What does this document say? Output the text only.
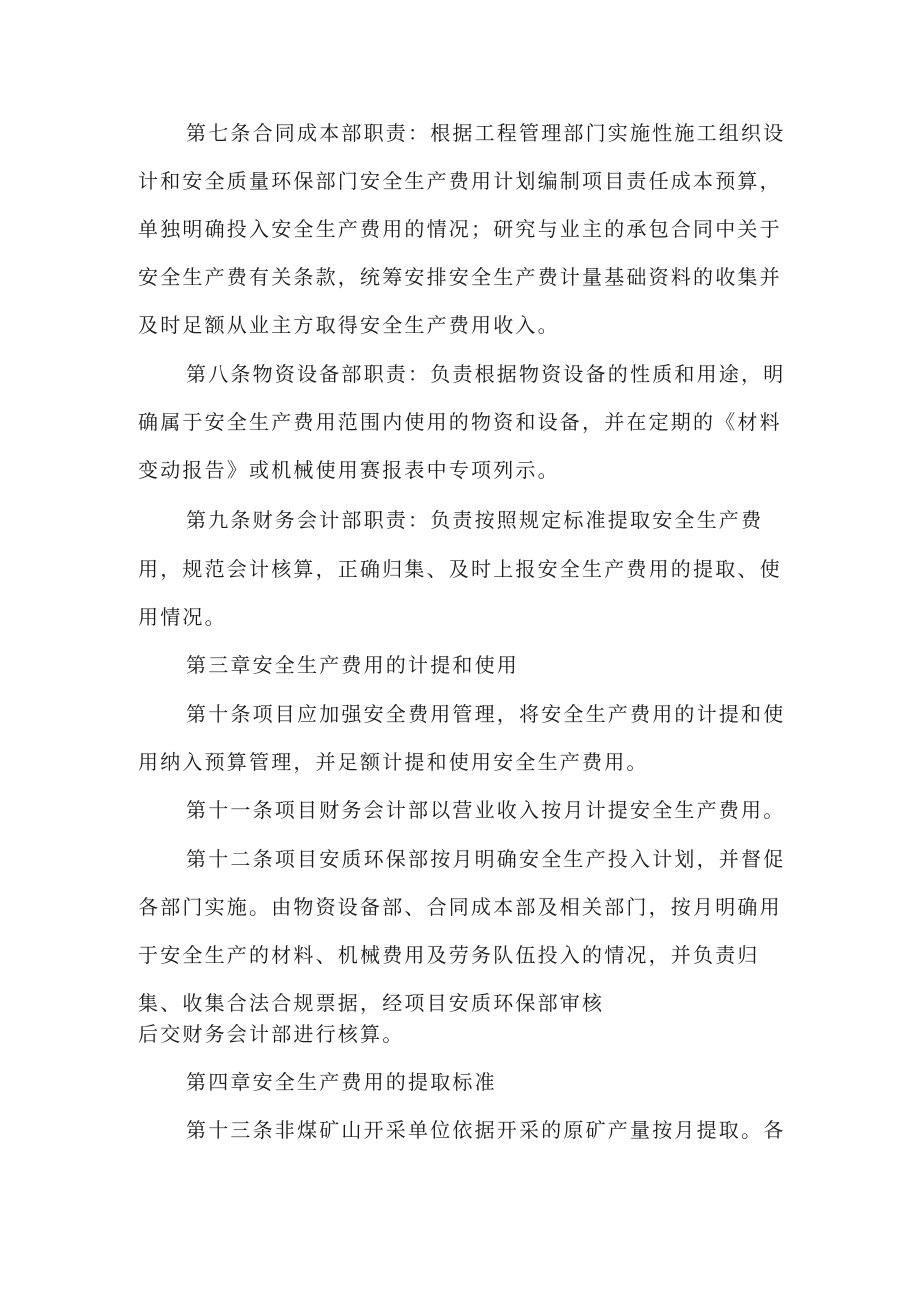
第七条合同成本部职责：根据工程管理部门实施性施工组织设
计和安全质量环保部门安全生产费用计划编制项目责任成本预算，
单独明确投入安全生产费用的情况；研究与业主的承包合同中关于
安全生产费有关条款，统筹安排安全生产费计量基础资料的收集并
及时足额从业主方取得安全生产费用收入。
第八条物资设备部职责：负责根据物资设备的性质和用途，明
确属于安全生产费用范围内使用的物资和设备，并在定期的《材料
变动报告》或机械使用赛报表中专项列示。
第九条财务会计部职责：负责按照规定标准提取安全生产费
用，规范会计核算，正确归集、及时上报安全生产费用的提取、使
用情况。
第三章安全生产费用的计提和使用
第十条项目应加强安全费用管理，将安全生产费用的计提和使
用纳入预算管理，并足额计提和使用安全生产费用。
第十一条项目财务会计部以营业收入按月计提安全生产费用。
第十二条项目安质环保部按月明确安全生产投入计划，并督促
各部门实施。由物资设备部、合同成本部及相关部门，按月明确用
于安全生产的材料、机械费用及劳务队伍投入的情况，并负责归
集、收集合法合规票据，经项目安质环保部审核
后交财务会计部进行核算。
第四章安全生产费用的提取标准
第十三条非煤矿山开采单位依据开采的原矿产量按月提取。各
